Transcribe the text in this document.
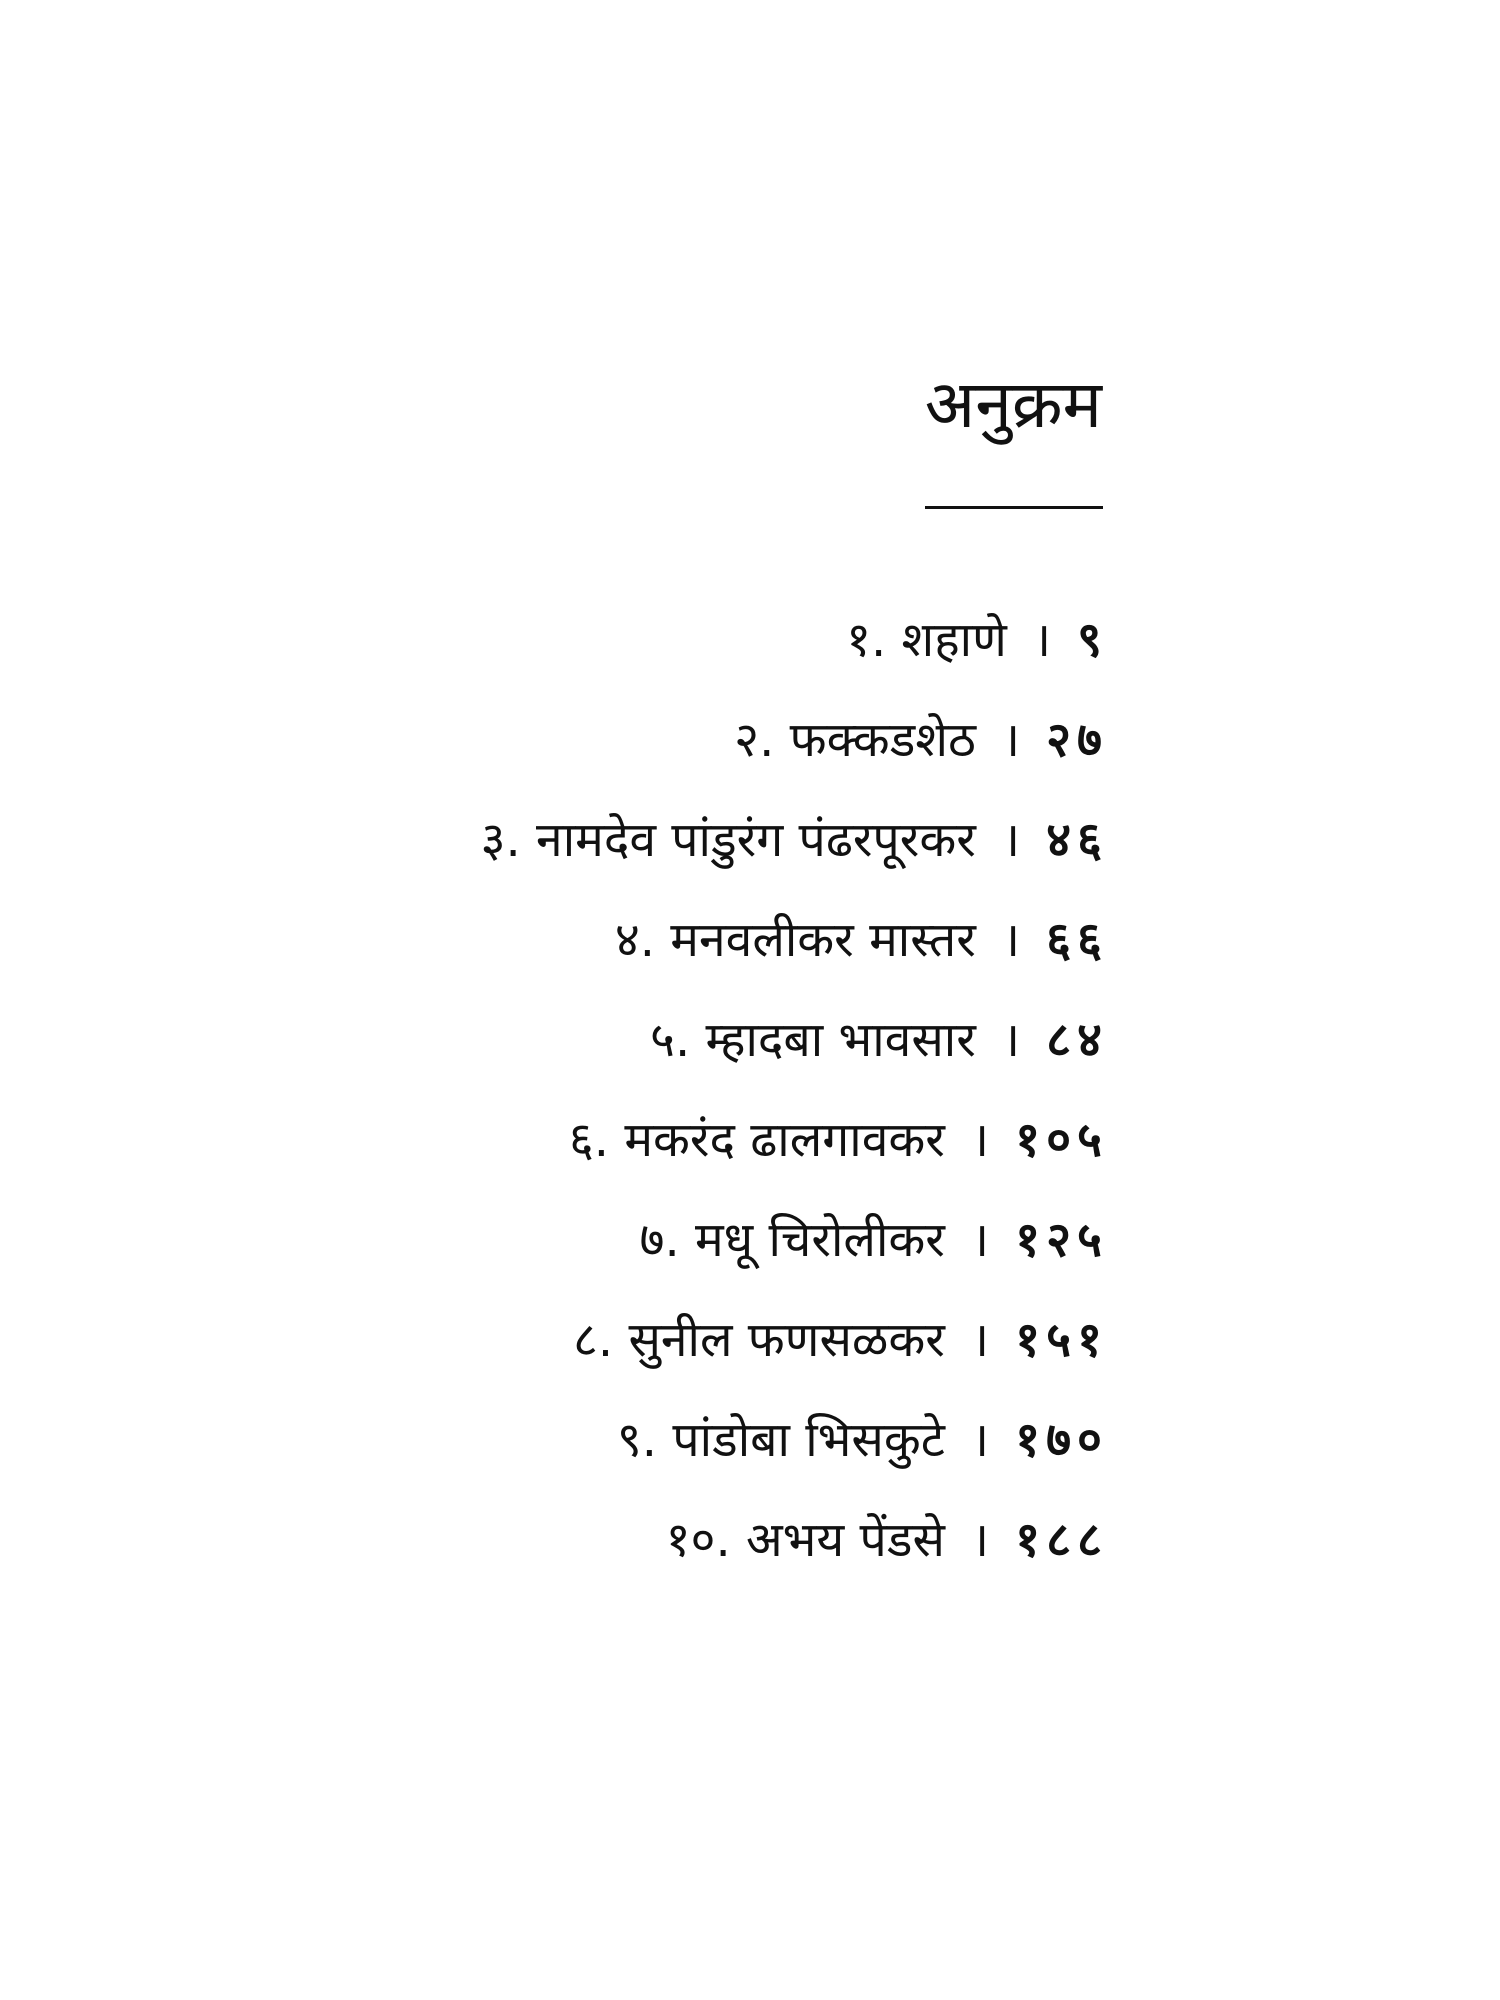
अनुक्रम
१. शहाणे । ९
२. फक्कडशेठ । २७
३. नामदेव पांडुरंग पंढरपूरकर । ४६
४. मनवलीकर मास्तर । ६६
५. म्हादबा भावसार । ८४
६. मकरंद ढालगावकर । १०५
७. मधू चिरोलीकर । १२५
८. सुनील फणसळकर । १५१
९. पांडोबा भिसकुटे । १७०
१०. अभय पेंडसे । १८८
